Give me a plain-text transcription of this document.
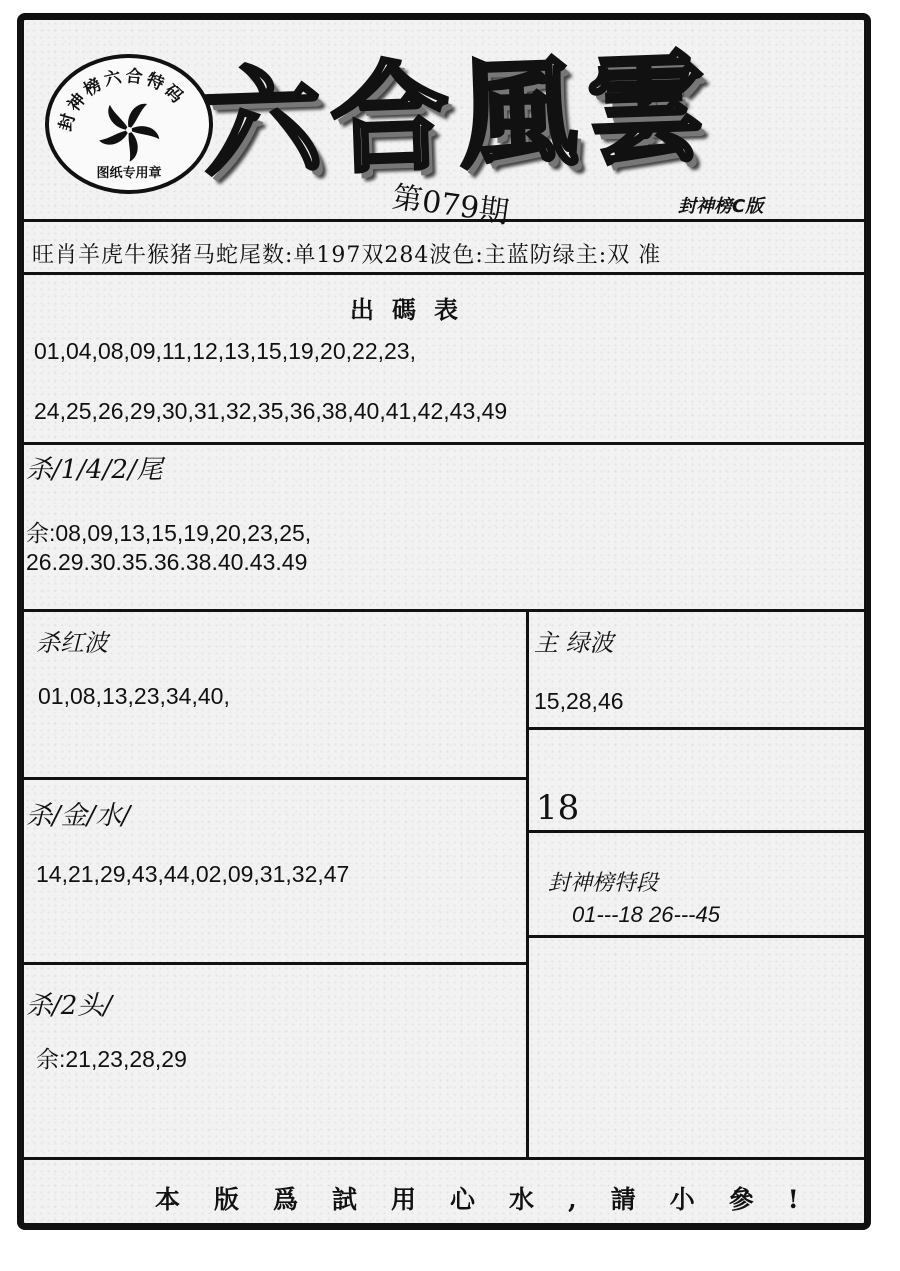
封神榜六合特码
图纸专用章 六合風雲
第079期	封神榜C版
旺肖羊虎牛猴猪马蛇尾数:单197双284波色:主蓝防绿主:双 准
出碼表
01,04,08,09,11,12,13,15,19,20,22,23,
24,25,26,29,30,31,32,35,36,38,40,41,42,43,49
杀/1/4/2/尾
余:08,09,13,15,19,20,23,25,
26.29.30.35.36.38.40.43.49
杀红波
01,08,13,23,34,40,
杀/金/水/
14,21,29,43,44,02,09,31,32,47
杀/2头/
余:21,23,28,29
主 绿波
15,28,46
18
封神榜特段
01---18 26---45
本版爲試用心水,請小參!
